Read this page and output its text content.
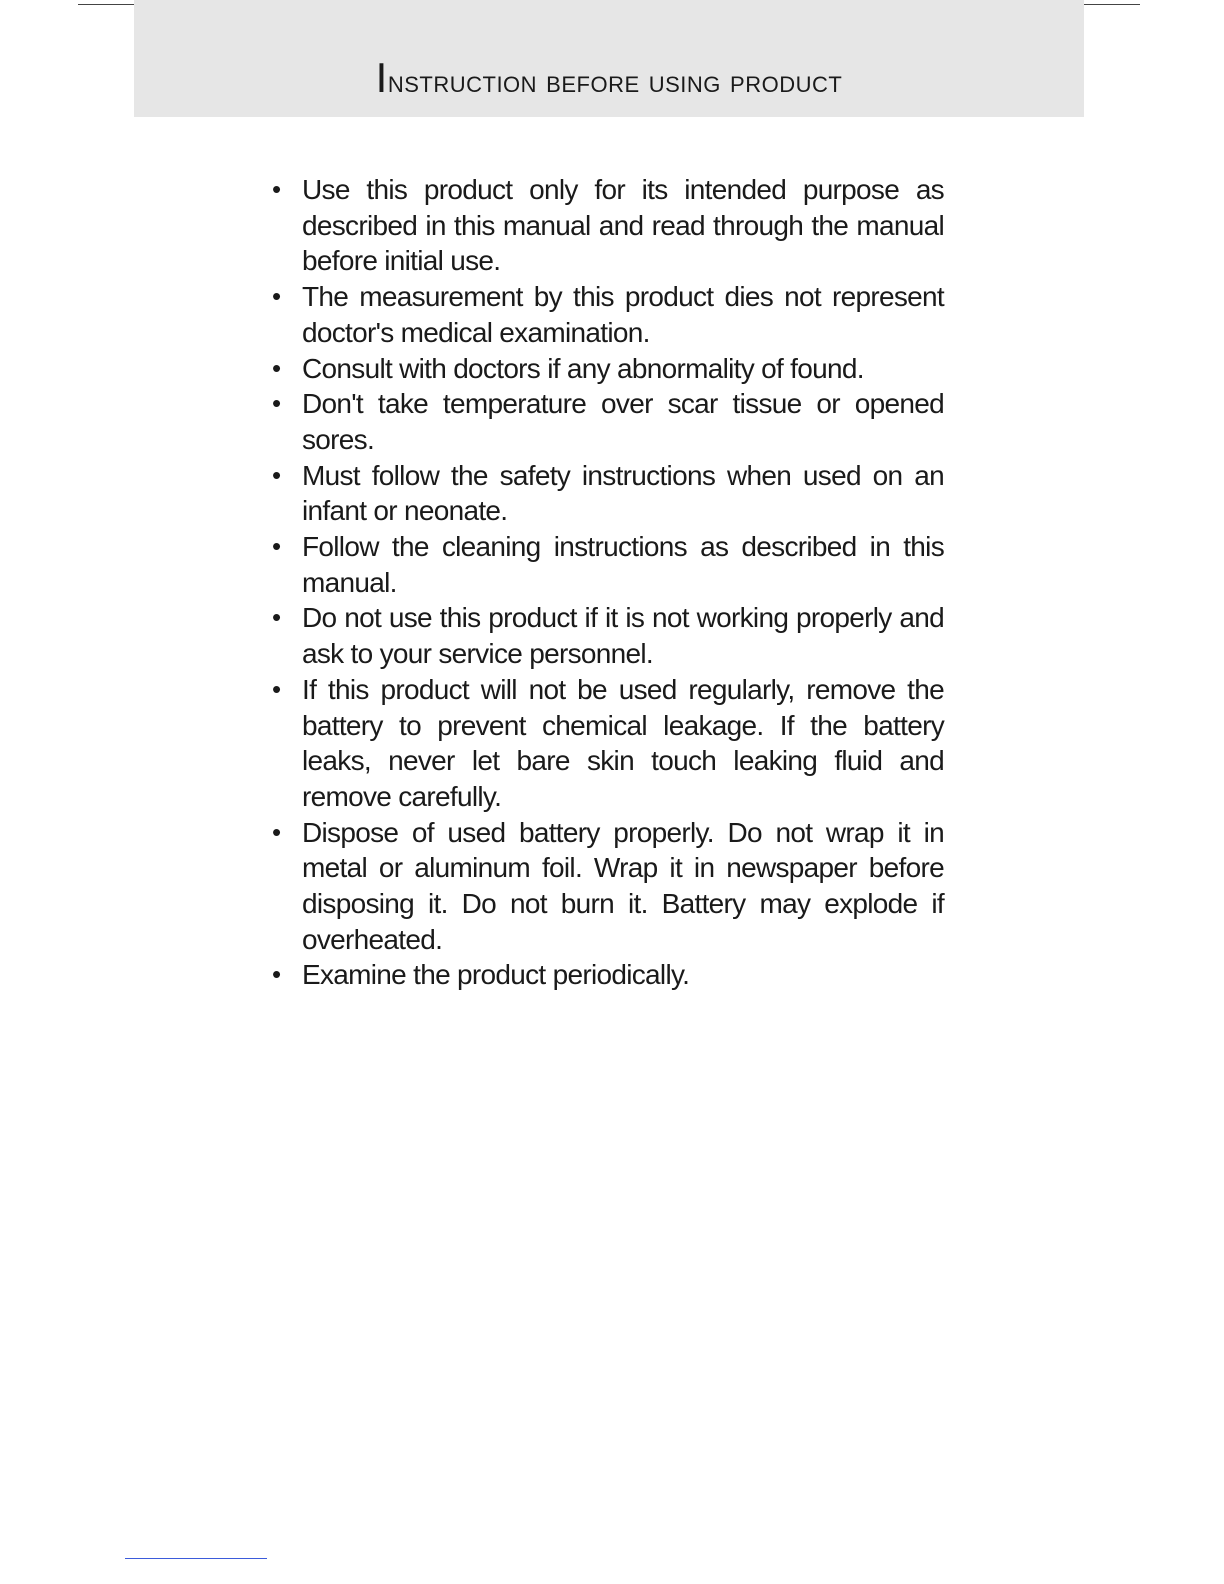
Instruction before using product
• Use this product only for its intended purpose as described in this manual and read through the manual before initial use.
• The measurement by this product dies not represent doctor's medical examination.
• Consult with doctors if any abnormality of found.
• Don't take temperature over scar tissue or opened sores.
• Must follow the safety instructions when used on an infant or neonate.
• Follow the cleaning instructions as described in this manual.
• Do not use this product if it is not working properly and ask to your service personnel.
• If this product will not be used regularly, remove the battery to prevent chemical leakage. If the battery leaks, never let bare skin touch leaking fluid and remove carefully.
• Dispose of used battery properly. Do not wrap it in metal or aluminum foil. Wrap it in newspaper before disposing it. Do not burn it. Battery may explode if overheated.
• Examine the product periodically.
